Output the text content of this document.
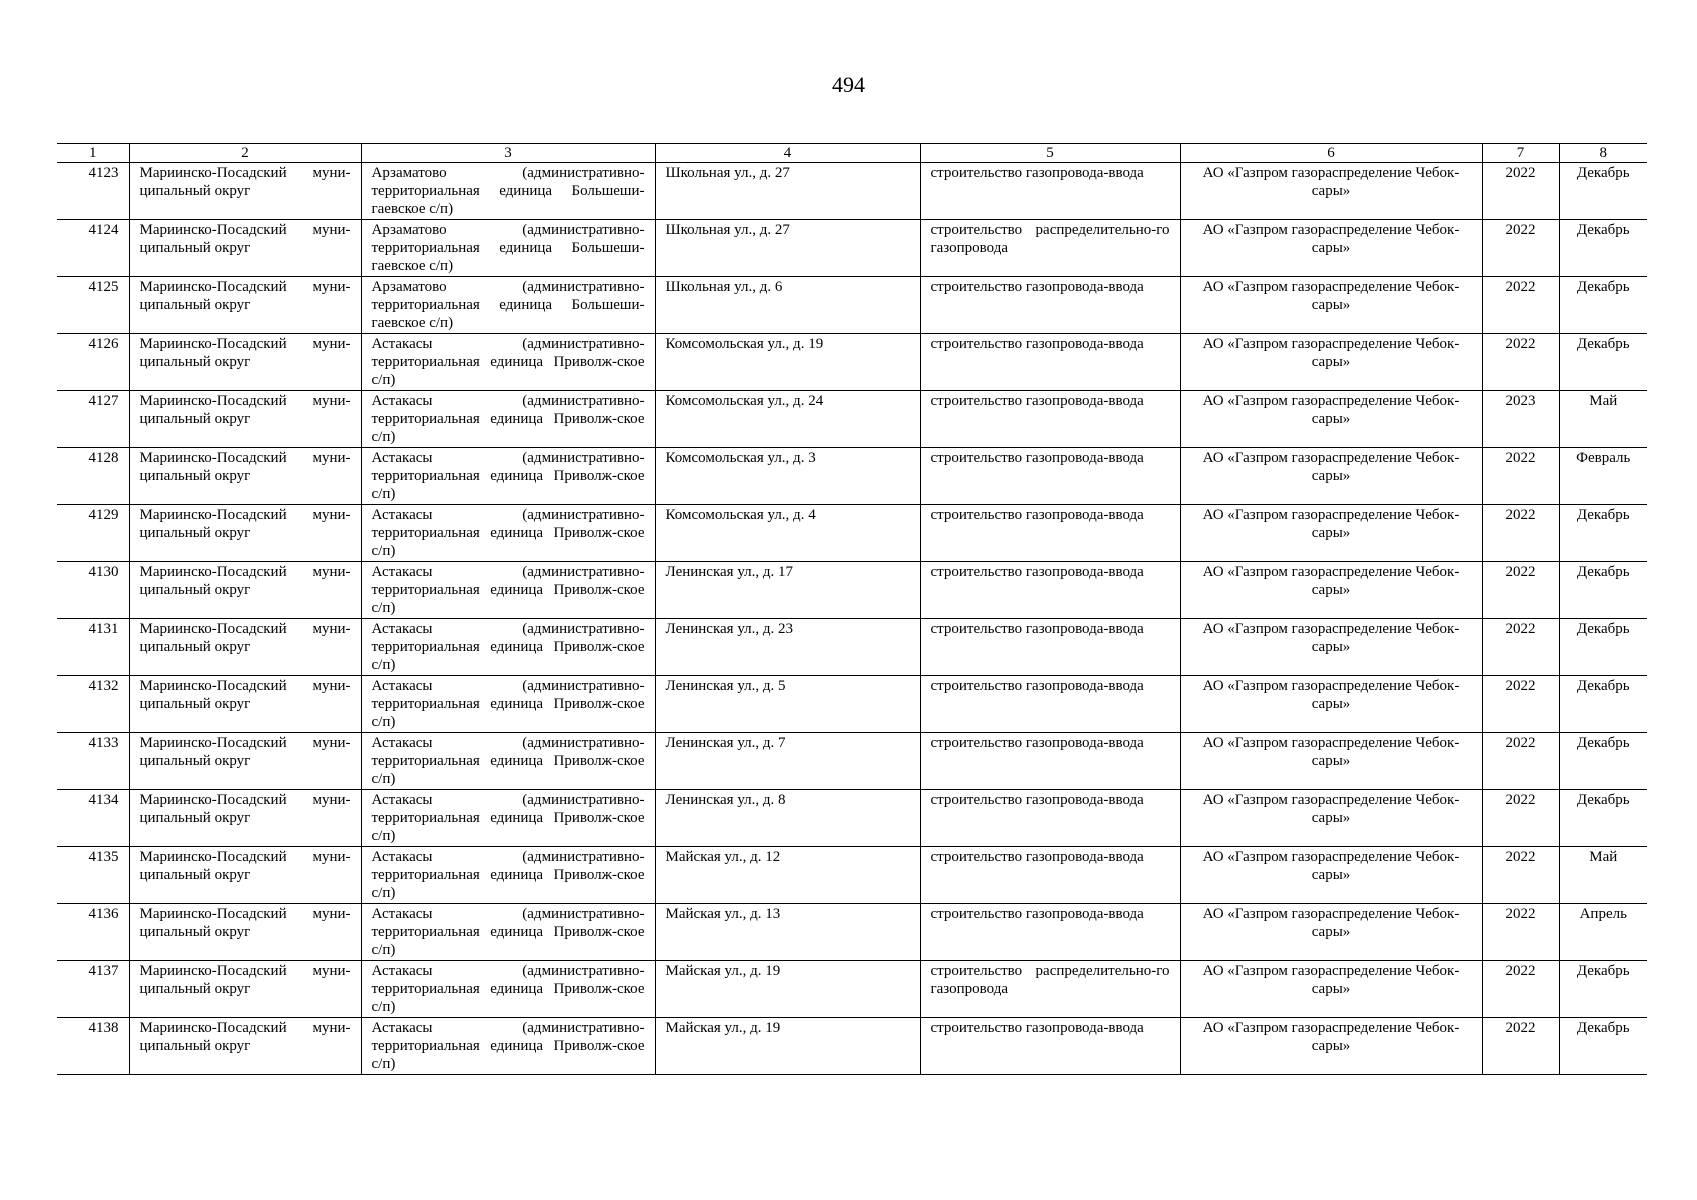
494
1	2	3	4	5	6	7	8
4123	Мариинско-Посадский муни-ципальный округ	Арзаматово (административно-территориальная единица Большеши-гаевское с/п)	Школьная ул., д. 27	строительство газопровода-ввода	АО «Газпром газораспределение Чебок-сары»	2022	Декабрь
4124	Мариинско-Посадский муни-ципальный округ	Арзаматово (административно-территориальная единица Большеши-гаевское с/п)	Школьная ул., д. 27	строительство распределительно-го газопровода	АО «Газпром газораспределение Чебок-сары»	2022	Декабрь
4125	Мариинско-Посадский муни-ципальный округ	Арзаматово (административно-территориальная единица Большеши-гаевское с/п)	Школьная ул., д. 6	строительство газопровода-ввода	АО «Газпром газораспределение Чебок-сары»	2022	Декабрь
4126	Мариинско-Посадский муни-ципальный округ	Астакасы (административно-территориальная единица Приволж-ское с/п)	Комсомольская ул., д. 19	строительство газопровода-ввода	АО «Газпром газораспределение Чебок-сары»	2022	Декабрь
4127	Мариинско-Посадский муни-ципальный округ	Астакасы (административно-территориальная единица Приволж-ское с/п)	Комсомольская ул., д. 24	строительство газопровода-ввода	АО «Газпром газораспределение Чебок-сары»	2023	Май
4128	Мариинско-Посадский муни-ципальный округ	Астакасы (административно-территориальная единица Приволж-ское с/п)	Комсомольская ул., д. 3	строительство газопровода-ввода	АО «Газпром газораспределение Чебок-сары»	2022	Февраль
4129	Мариинско-Посадский муни-ципальный округ	Астакасы (административно-территориальная единица Приволж-ское с/п)	Комсомольская ул., д. 4	строительство газопровода-ввода	АО «Газпром газораспределение Чебок-сары»	2022	Декабрь
4130	Мариинско-Посадский муни-ципальный округ	Астакасы (административно-территориальная единица Приволж-ское с/п)	Ленинская ул., д. 17	строительство газопровода-ввода	АО «Газпром газораспределение Чебок-сары»	2022	Декабрь
4131	Мариинско-Посадский муни-ципальный округ	Астакасы (административно-территориальная единица Приволж-ское с/п)	Ленинская ул., д. 23	строительство газопровода-ввода	АО «Газпром газораспределение Чебок-сары»	2022	Декабрь
4132	Мариинско-Посадский муни-ципальный округ	Астакасы (административно-территориальная единица Приволж-ское с/п)	Ленинская ул., д. 5	строительство газопровода-ввода	АО «Газпром газораспределение Чебок-сары»	2022	Декабрь
4133	Мариинско-Посадский муни-ципальный округ	Астакасы (административно-территориальная единица Приволж-ское с/п)	Ленинская ул., д. 7	строительство газопровода-ввода	АО «Газпром газораспределение Чебок-сары»	2022	Декабрь
4134	Мариинско-Посадский муни-ципальный округ	Астакасы (административно-территориальная единица Приволж-ское с/п)	Ленинская ул., д. 8	строительство газопровода-ввода	АО «Газпром газораспределение Чебок-сары»	2022	Декабрь
4135	Мариинско-Посадский муни-ципальный округ	Астакасы (административно-территориальная единица Приволж-ское с/п)	Майская ул., д. 12	строительство газопровода-ввода	АО «Газпром газораспределение Чебок-сары»	2022	Май
4136	Мариинско-Посадский муни-ципальный округ	Астакасы (административно-территориальная единица Приволж-ское с/п)	Майская ул., д. 13	строительство газопровода-ввода	АО «Газпром газораспределение Чебок-сары»	2022	Апрель
4137	Мариинско-Посадский муни-ципальный округ	Астакасы (административно-территориальная единица Приволж-ское с/п)	Майская ул., д. 19	строительство распределительно-го газопровода	АО «Газпром газораспределение Чебок-сары»	2022	Декабрь
4138	Мариинско-Посадский муни-ципальный округ	Астакасы (административно-территориальная единица Приволж-ское с/п)	Майская ул., д. 19	строительство газопровода-ввода	АО «Газпром газораспределение Чебок-сары»	2022	Декабрь
